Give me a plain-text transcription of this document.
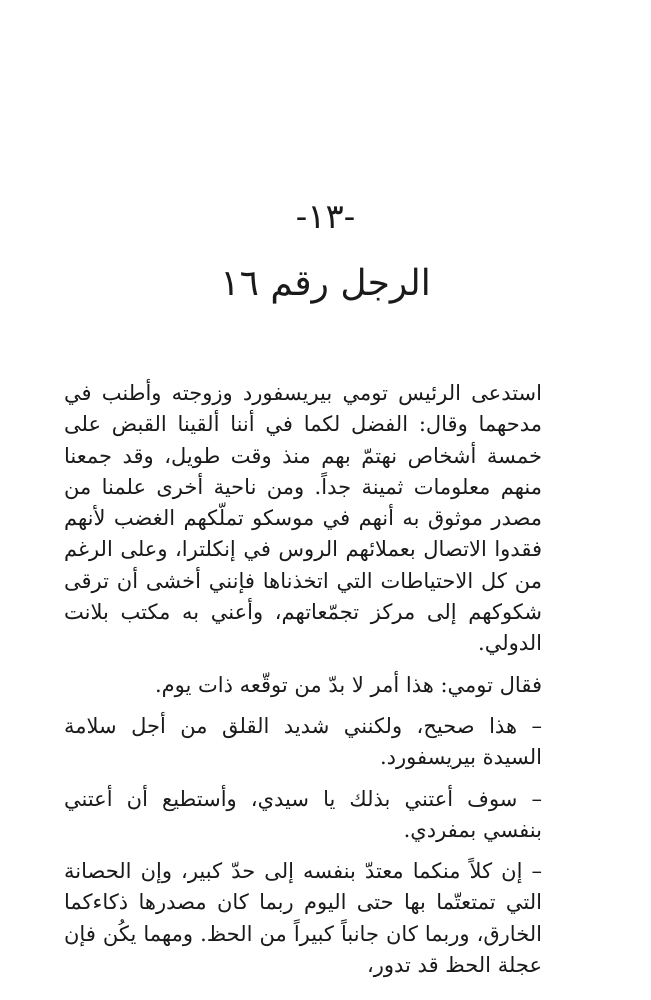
-١٣-
الرجل رقم ١٦

استدعى الرئيس تومي بيريسفورد وزوجته وأطنب في مدحهما وقال: الفضل لكما في أننا ألقينا القبض على خمسة أشخاص نهتمّ بهم منذ وقت طويل، وقد جمعنا منهم معلومات ثمينة جداً. ومن ناحية أخرى علمنا من مصدر موثوق به أنهم في موسكو تملّكهم الغضب لأنهم فقدوا الاتصال بعملائهم الروس في إنكلترا، وعلى الرغم من كل الاحتياطات التي اتخذناها فإنني أخشى أن ترقى شكوكهم إلى مركز تجمّعاتهم، وأعني به مكتب بلانت الدولي.

فقال تومي: هذا أمر لا بدّ من توقّعه ذات يوم.

– هذا صحيح، ولكنني شديد القلق من أجل سلامة السيدة بيريسفورد.

– سوف أعتني بذلك يا سيدي، وأستطيع أن أعتني بنفسي بمفردي.

– إن كلاً منكما معتدّ بنفسه إلى حدّ كبير، وإن الحصانة التي تمتعتّما بها حتى اليوم ربما كان مصدرها ذكاءكما الخارق، وربما كان جانباً كبيراً من الحظ. ومهما يكُن فإن عجلة الحظ قد تدور،
